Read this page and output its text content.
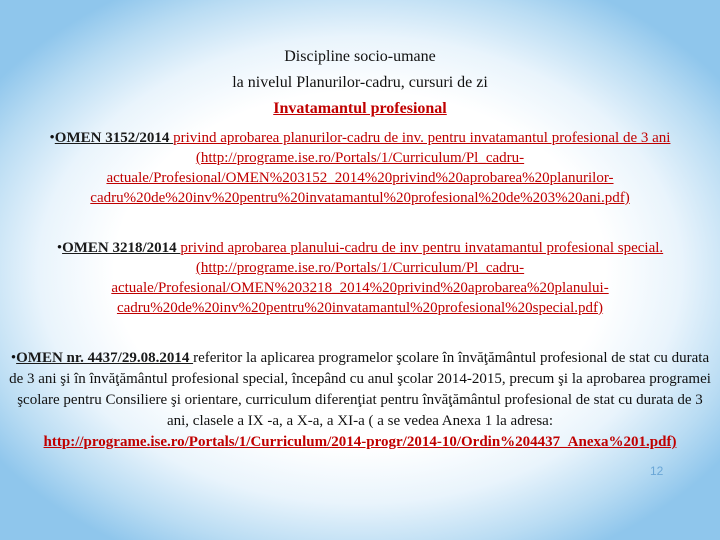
Discipline socio-umane
la nivelul Planurilor-cadru, cursuri de zi
Invatamantul profesional
•OMEN 3152/2014 privind aprobarea planurilor-cadru de inv. pentru invatamantul profesional de 3 ani (http://programe.ise.ro/Portals/1/Curriculum/Pl_cadru-actuale/Profesional/OMEN%203152_2014%20privind%20aprobarea%20planurilor-cadru%20de%20inv%20pentru%20invatamantul%20profesional%20de%203%20ani.pdf)
•OMEN 3218/2014 privind aprobarea planului-cadru de inv pentru invatamantul profesional special.(http://programe.ise.ro/Portals/1/Curriculum/Pl_cadru-actuale/Profesional/OMEN%203218_2014%20privind%20aprobarea%20planului-cadru%20de%20inv%20pentru%20invatamantul%20profesional%20special.pdf)
•OMEN nr. 4437/29.08.2014 referitor la aplicarea programelor şcolare în învăţământul profesional de stat cu durata de 3 ani şi în învăţământul profesional special, începând cu anul şcolar 2014-2015, precum şi la aprobarea programei şcolare pentru Consiliere şi orientare, curriculum diferenţiat pentru învăţământul profesional de stat cu durata de 3 ani, clasele a IX -a, a X-a, a XI-a ( a se vedea Anexa 1 la adresa: http://programe.ise.ro/Portals/1/Curriculum/2014-progr/2014-10/Ordin%204437_Anexa%201.pdf)
12
